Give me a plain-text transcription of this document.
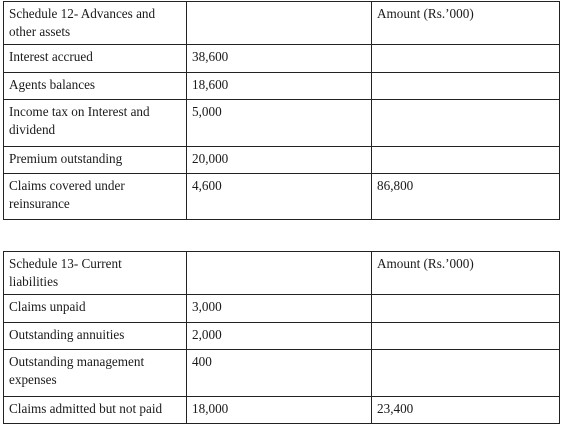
Schedule 12- Advances and other assets		Amount (Rs.’000)
Interest accrued	38,600	
Agents balances	18,600	
Income tax on Interest and dividend	5,000	
Premium outstanding	20,000	
Claims covered under reinsurance	4,600	86,800
Schedule 13- Current liabilities		Amount (Rs.’000)
Claims unpaid	3,000	
Outstanding annuities	2,000	
Outstanding management expenses	400	
Claims admitted but not paid	18,000	23,400
